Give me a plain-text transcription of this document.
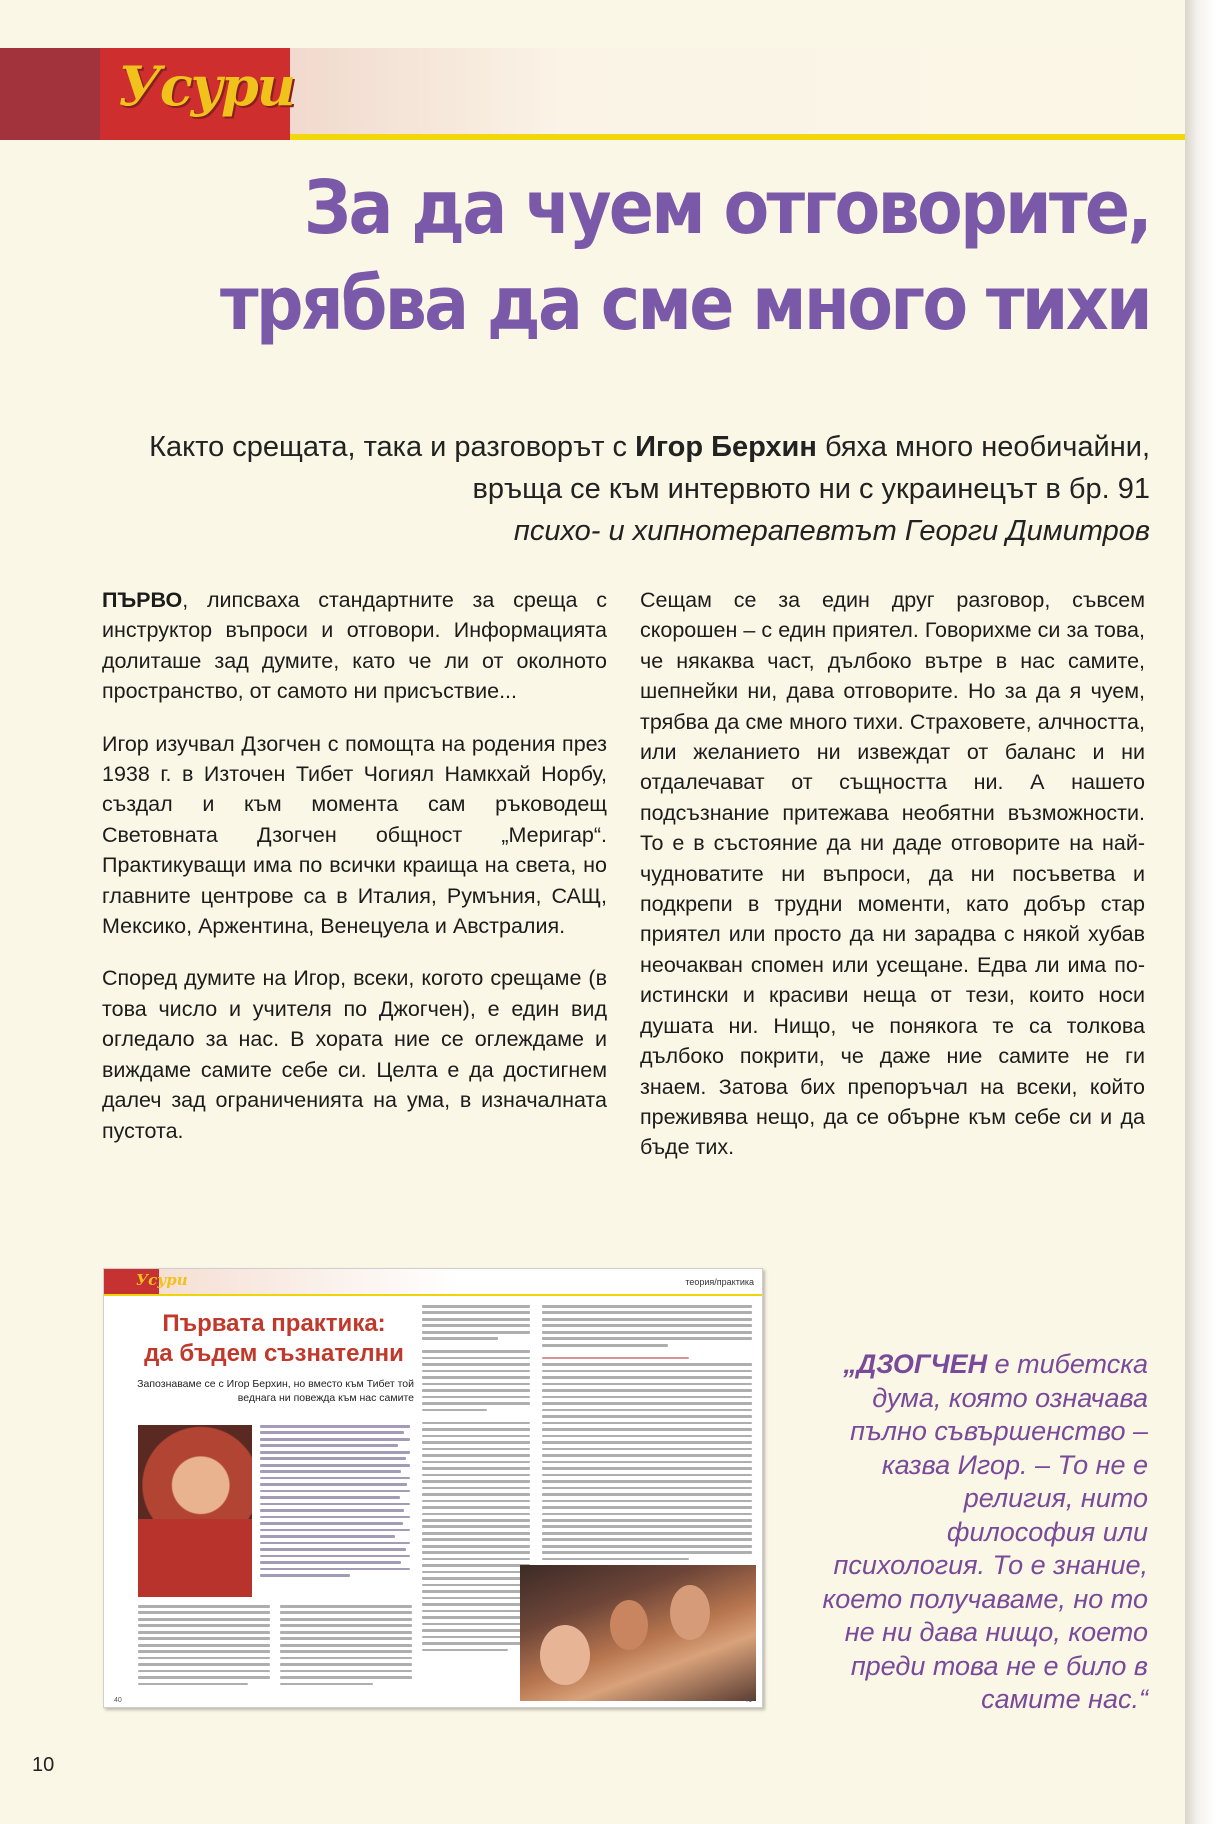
Усури
За да чуем отговорите,
трябва да сме много тихи
Както срещата, така и разговорът с Игор Берхин бяха много необичайни, връща се към интервюто ни с украинецът в бр. 91
психо- и хипнотерапевтът Георги Димитров

ПЪРВО, липсваха стандартните за среща с инструктор въпроси и отговори. Информацията долиташе зад думите, като че ли от околното пространство, от самото ни присъствие...

Игор изучвал Дзогчен с помощта на родения през 1938 г. в Източен Тибет Чогиял Намкхай Норбу, създал и към момента сам ръководещ Световната Дзогчен общност „Меригар“. Практикуващи има по всички краища на света, но главните центрове са в Италия, Румъния, САЩ, Мексико, Аржентина, Венецуела и Австралия.

Според думите на Игор, всеки, когото срещаме (в това число и учителя по Джогчен), е един вид огледало за нас. В хората ние се оглеждаме и виждаме самите себе си. Целта е да достигнем далеч зад ограниченията на ума, в изначалната пустота.

Сещам се за един друг разговор, съвсем скорошен – с един приятел. Говорихме си за това, че някаква част, дълбоко вътре в нас самите, шепнейки ни, дава отговорите. Но за да я чуем, трябва да сме много тихи. Страховете, алчността, или желанието ни извеждат от баланс и ни отдалечават от същността ни. А нашето подсъзнание притежава необятни възможности. То е в състояние да ни даде отговорите на най-чудноватите ни въпроси, да ни посъветва и подкрепи в трудни моменти, като добър стар приятел или просто да ни зарадва с някой хубав неочакван спомен или усещане. Едва ли има по-истински и красиви неща от тези, които носи душата ни. Нищо, че понякога те са толкова дълбоко покрити, че даже ние самите не ги знаем. Затова бих препоръчал на всеки, който преживява нещо, да се обърне към себе си и да бъде тих.

Усури	теория/практика
Първата практика:
да бъдем съзнателни
Запознаваме се с Игор Берхин, но вместо към Тибет той веднага ни повежда към нас самите
40	41
„ДЗОГЧЕН е тибетска дума, която означава пълно съвършенство – казва Игор. – То не е религия, нито философия или психология. То е знание, което получаваме, но то не ни дава нищо, което преди това не е било в самите нас.“
10
